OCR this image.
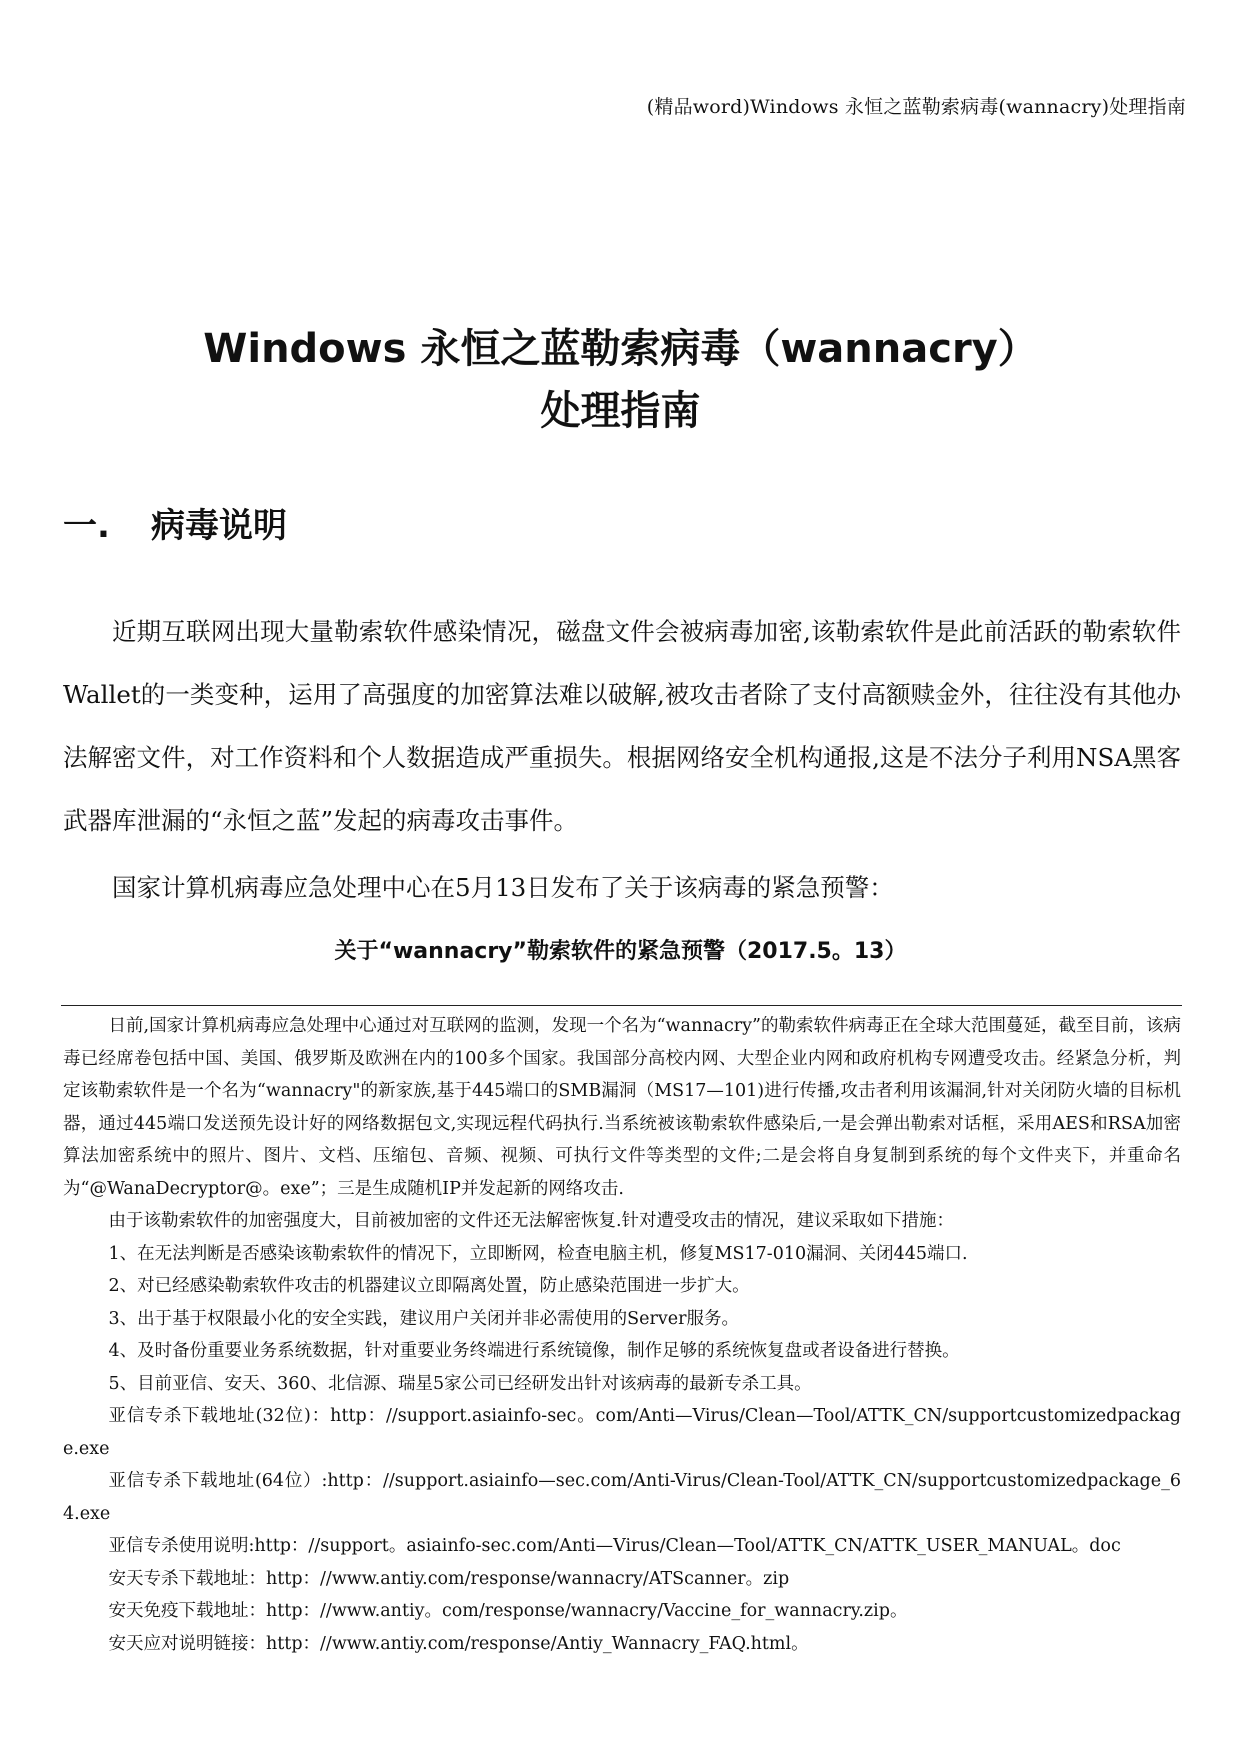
(精品word)Windows 永恒之蓝勒索病毒(wannacry)处理指南
Windows 永恒之蓝勒索病毒（wannacry）
处理指南
一. 病毒说明

近期互联网出现大量勒索软件感染情况，磁盘文件会被病毒加密,该勒索软件是此前活跃的勒索软件Wallet的一类变种，运用了高强度的加密算法难以破解,被攻击者除了支付高额赎金外，往往没有其他办法解密文件，对工作资料和个人数据造成严重损失。根据网络安全机构通报,这是不法分子利用NSA黑客武器库泄漏的“永恒之蓝”发起的病毒攻击事件。

国家计算机病毒应急处理中心在5月13日发布了关于该病毒的紧急预警：

关于“wannacry”勒索软件的紧急预警（2017.5。13）

日前,国家计算机病毒应急处理中心通过对互联网的监测，发现一个名为“wannacry”的勒索软件病毒正在全球大范围蔓延，截至目前，该病毒已经席卷包括中国、美国、俄罗斯及欧洲在内的100多个国家。我国部分高校内网、大型企业内网和政府机构专网遭受攻击。经紧急分析，判定该勒索软件是一个名为“wannacry"的新家族,基于445端口的SMB漏洞（MS17—101)进行传播,攻击者利用该漏洞,针对关闭防火墙的目标机器，通过445端口发送预先设计好的网络数据包文,实现远程代码执行.当系统被该勒索软件感染后,一是会弹出勒索对话框，采用AES和RSA加密算法加密系统中的照片、图片、文档、压缩包、音频、视频、可执行文件等类型的文件;二是会将自身复制到系统的每个文件夹下，并重命名为“@WanaDecryptor@。exe”；三是生成随机IP并发起新的网络攻击.

由于该勒索软件的加密强度大，目前被加密的文件还无法解密恢复.针对遭受攻击的情况，建议采取如下措施：

1、在无法判断是否感染该勒索软件的情况下，立即断网，检查电脑主机，修复MS17-010漏洞、关闭445端口.

2、对已经感染勒索软件攻击的机器建议立即隔离处置，防止感染范围进一步扩大。

3、出于基于权限最小化的安全实践，建议用户关闭并非必需使用的Server服务。

4、及时备份重要业务系统数据，针对重要业务终端进行系统镜像，制作足够的系统恢复盘或者设备进行替换。

5、目前亚信、安天、360、北信源、瑞星5家公司已经研发出针对该病毒的最新专杀工具。

亚信专杀下载地址(32位)：http：//support.asiainfo-sec。com/Anti—Virus/Clean—Tool/ATTK_CN/supportcustomizedpackage.exe

亚信专杀下载地址(64位）:http：//support.asiainfo—sec.com/Anti-Virus/Clean-Tool/ATTK_CN/supportcustomizedpackage_64.exe

亚信专杀使用说明:http：//support。asiainfo-sec.com/Anti—Virus/Clean—Tool/ATTK_CN/ATTK_USER_MANUAL。doc

安天专杀下载地址：http：//www.antiy.com/response/wannacry/ATScanner。zip

安天免疫下载地址：http：//www.antiy。com/response/wannacry/Vaccine_for_wannacry.zip。

安天应对说明链接：http：//www.antiy.com/response/Antiy_Wannacry_FAQ.html。
